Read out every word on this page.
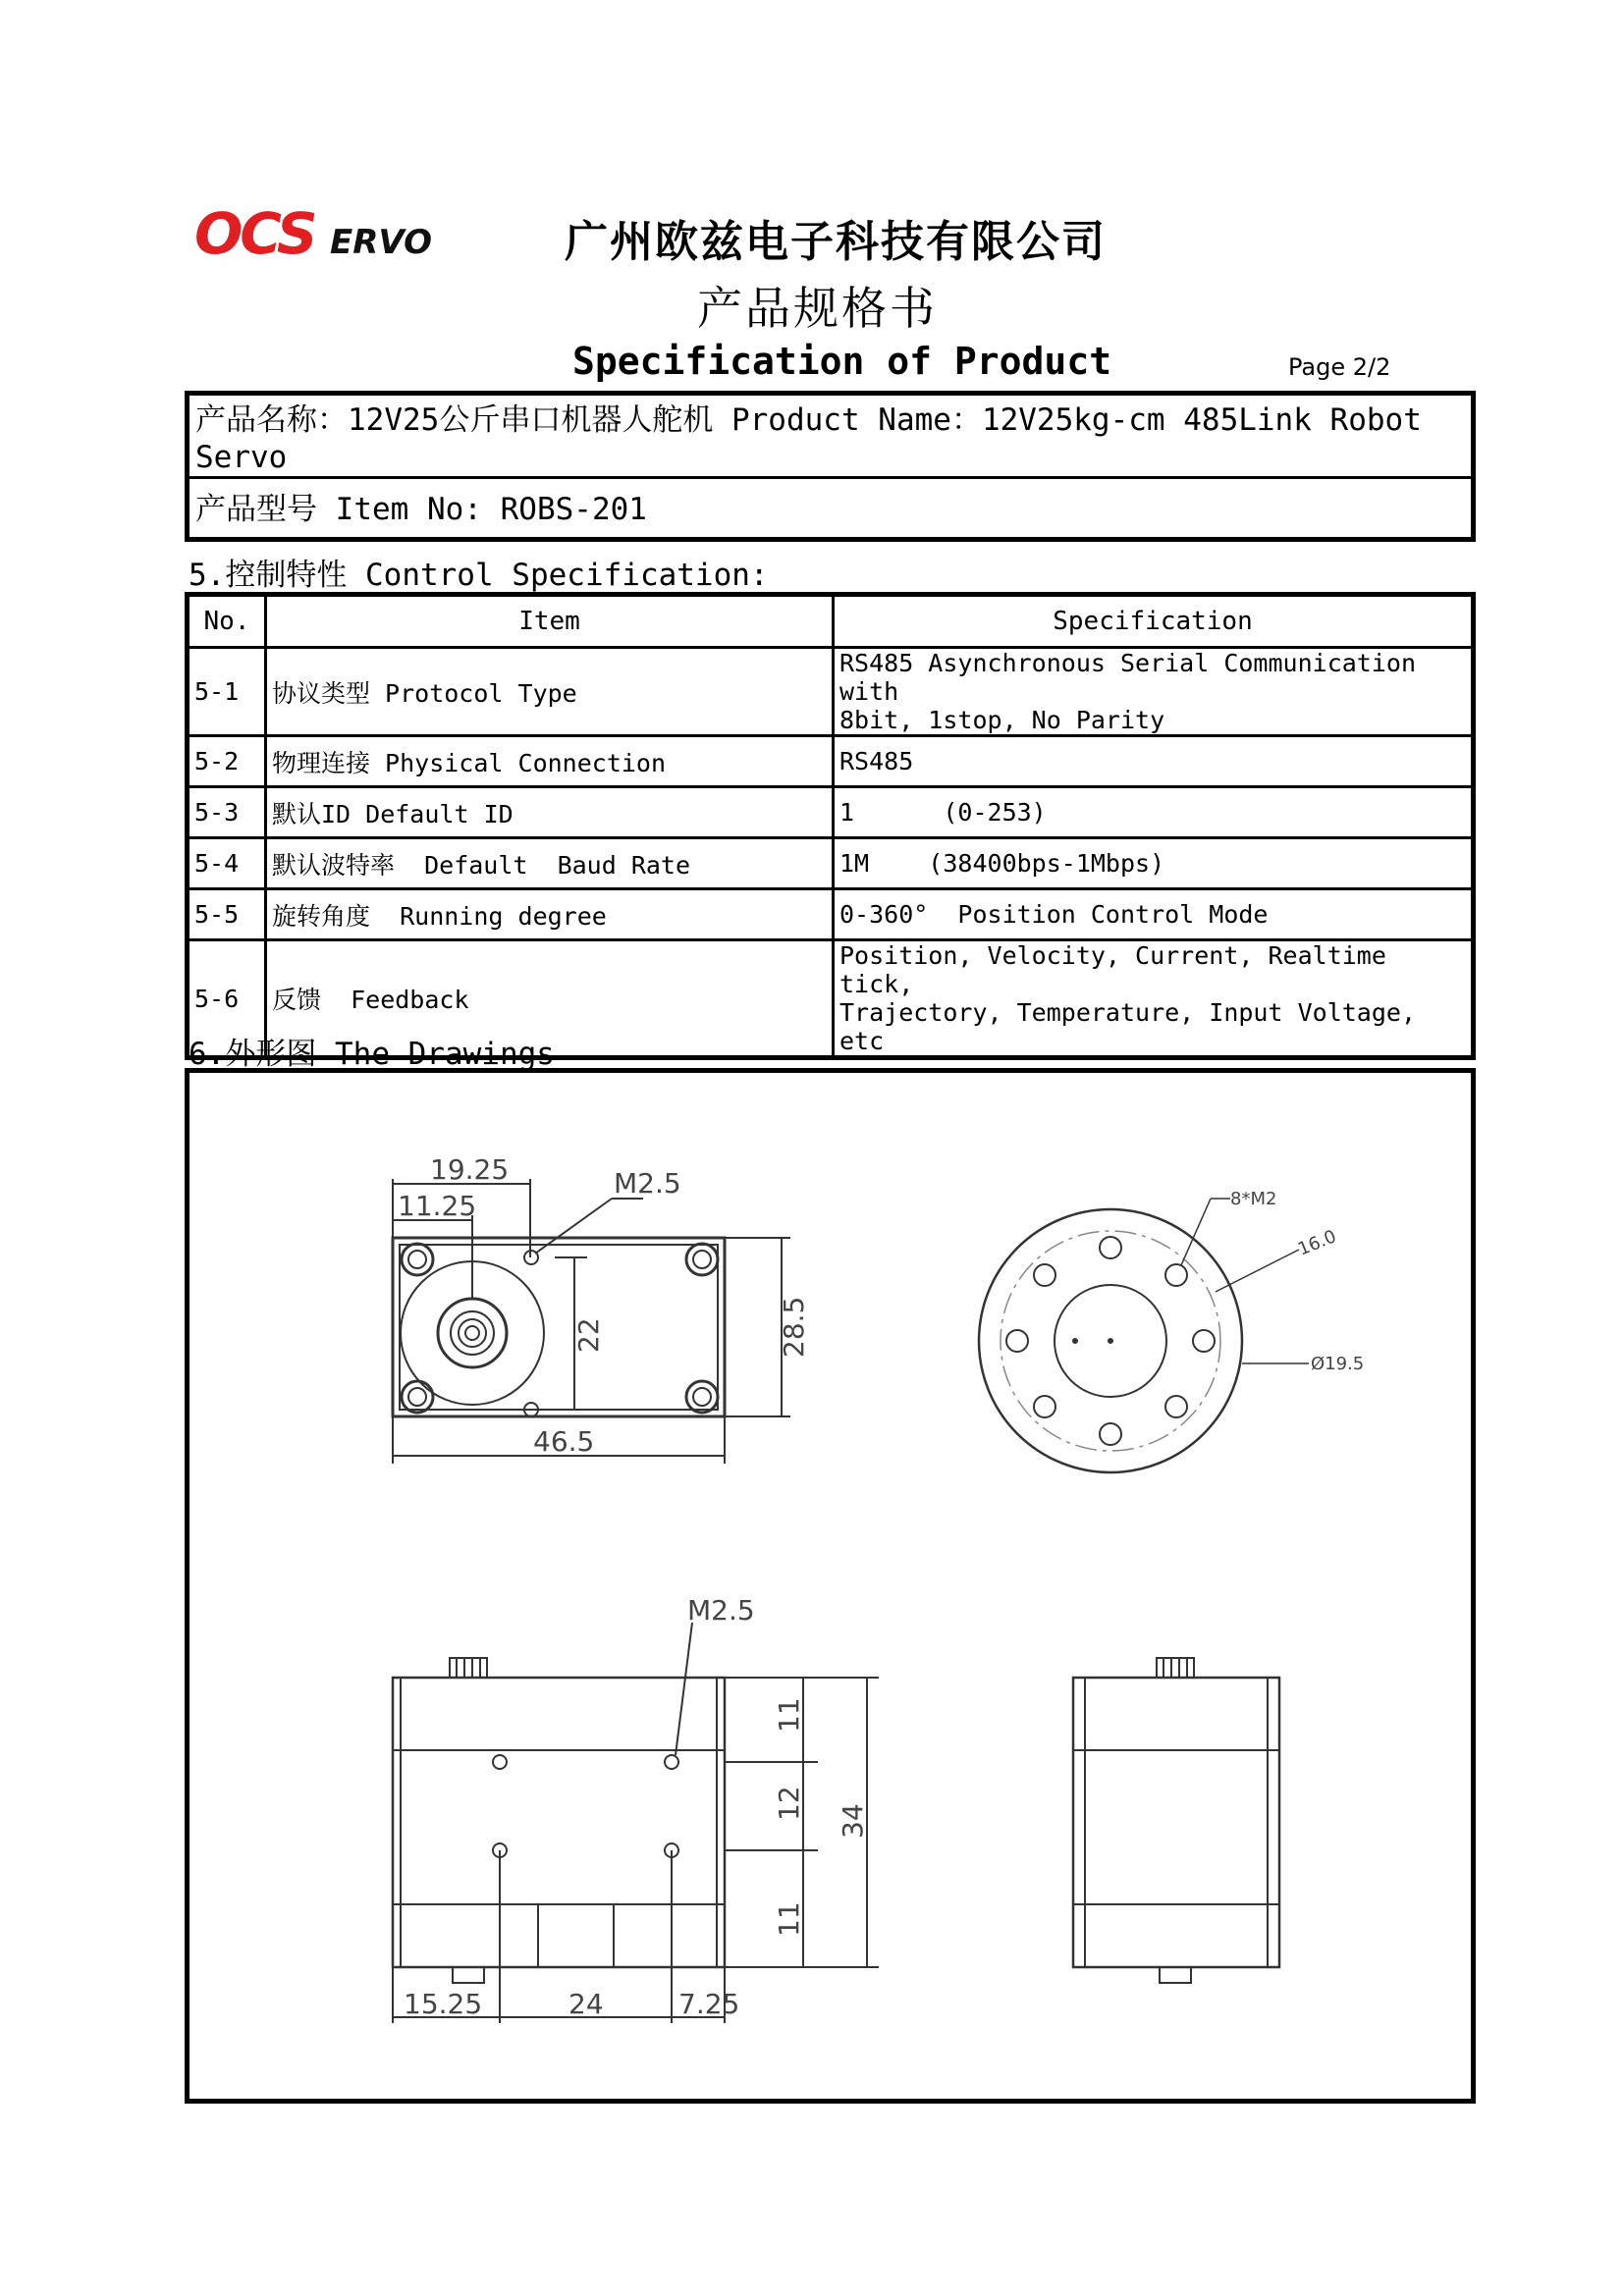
OCS ERVO	广州欧兹电子科技有限公司
产品规格书
Specification of Product	Page 2/2
产品名称：12V25公斤串口机器人舵机 Product Name：12V25kg-cm 485Link Robot
Servo
产品型号 Item No: ROBS-201
5.控制特性 Control Specification:
No.	Item	Specification
5-1	协议类型 Protocol Type	RS485 Asynchronous Serial Communication with
8bit, 1stop, No Parity

5-2	物理连接 Physical Connection	RS485
5-3	默认ID Default ID	1      (0-253)
5-4	默认波特率  Default  Baud Rate	1M    (38400bps-1Mbps)
5-5	旋转角度  Running degree	0-360°  Position Control Mode
5-6	反馈  Feedback	Position, Velocity, Current, Realtime tick,
Trajectory, Temperature, Input Voltage, etc
6.外形图 The Drawings
19.25
11.25
M2.5
22	28.5
46.5
8*M2
16.0
Ø19.5
M2.5
11
12
11
34
15.25	24	7.25
